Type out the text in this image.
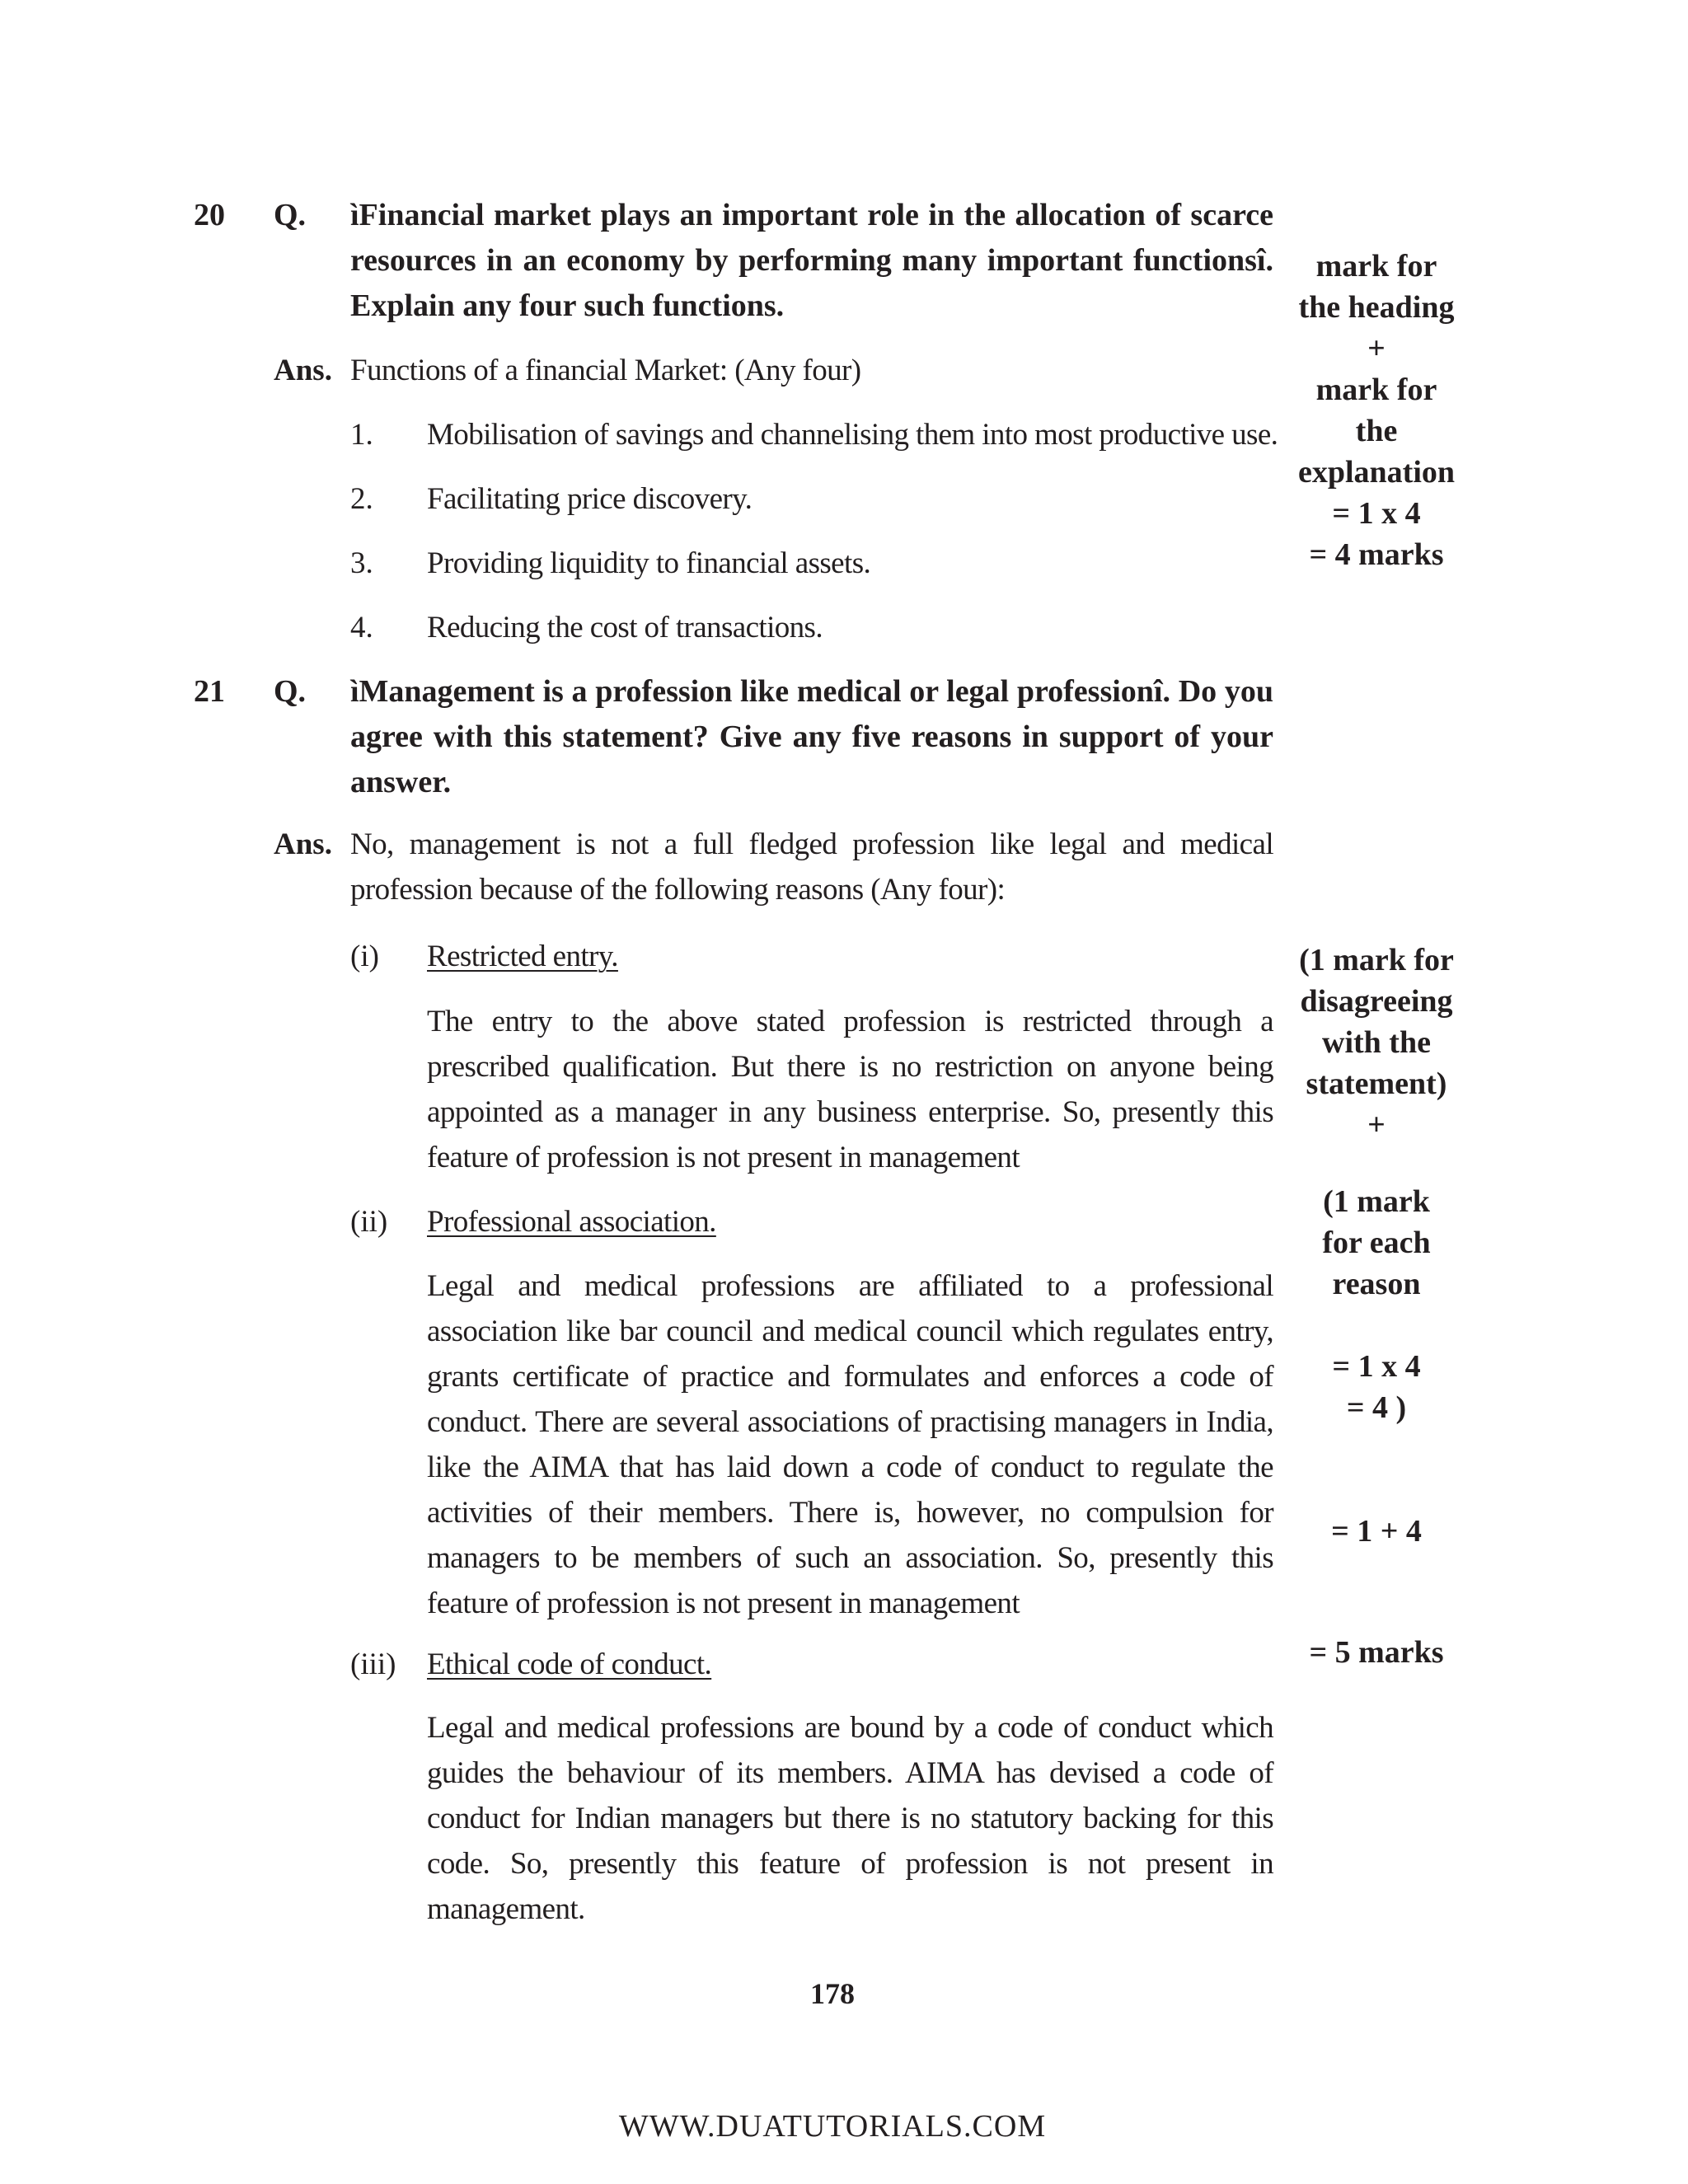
20 Q. ìFinancial market plays an important role in the allocation of scarce resources in an economy by performing many important functionsî. Explain any four such functions.
Ans. Functions of a financial Market: (Any four)
1. Mobilisation of savings and channelising them into most productive use.
2. Facilitating price discovery.
3. Providing liquidity to financial assets.
4. Reducing the cost of transactions.
mark for
the heading
+
mark for
the
explanation
= 1 x 4
= 4 marks
21 Q. ìManagement is a profession like medical or legal professionî. Do you agree with this statement? Give any five reasons in support of your answer.
Ans. No, management is not a full fledged profession like legal and medical profession because of the following reasons (Any four):
(i) Restricted entry.
The entry to the above stated profession is restricted through a prescribed qualification. But there is no restriction on anyone being appointed as a manager in any business enterprise. So, presently this feature of profession is not present in management
(ii) Professional association.
Legal and medical professions are affiliated to a professional association like bar council and medical council which regulates entry, grants certificate of practice and formulates and enforces a code of conduct. There are several associations of practising managers in India, like the AIMA that has laid down a code of conduct to regulate the activities of their members. There is, however, no compulsion for managers to be members of such an association. So, presently this feature of profession is not present in management
(iii) Ethical code of conduct.
Legal and medical professions are bound by a code of conduct which guides the behaviour of its members. AIMA has devised a code of conduct for Indian managers but there is no statutory backing for this code. So, presently this feature of profession is not present in management.
(1 mark for
disagreeing
with the
statement)
+
(1 mark
for each
reason
= 1 x 4
= 4 )
= 1 + 4
= 5 marks
178
WWW.DUATUTORIALS.COM
